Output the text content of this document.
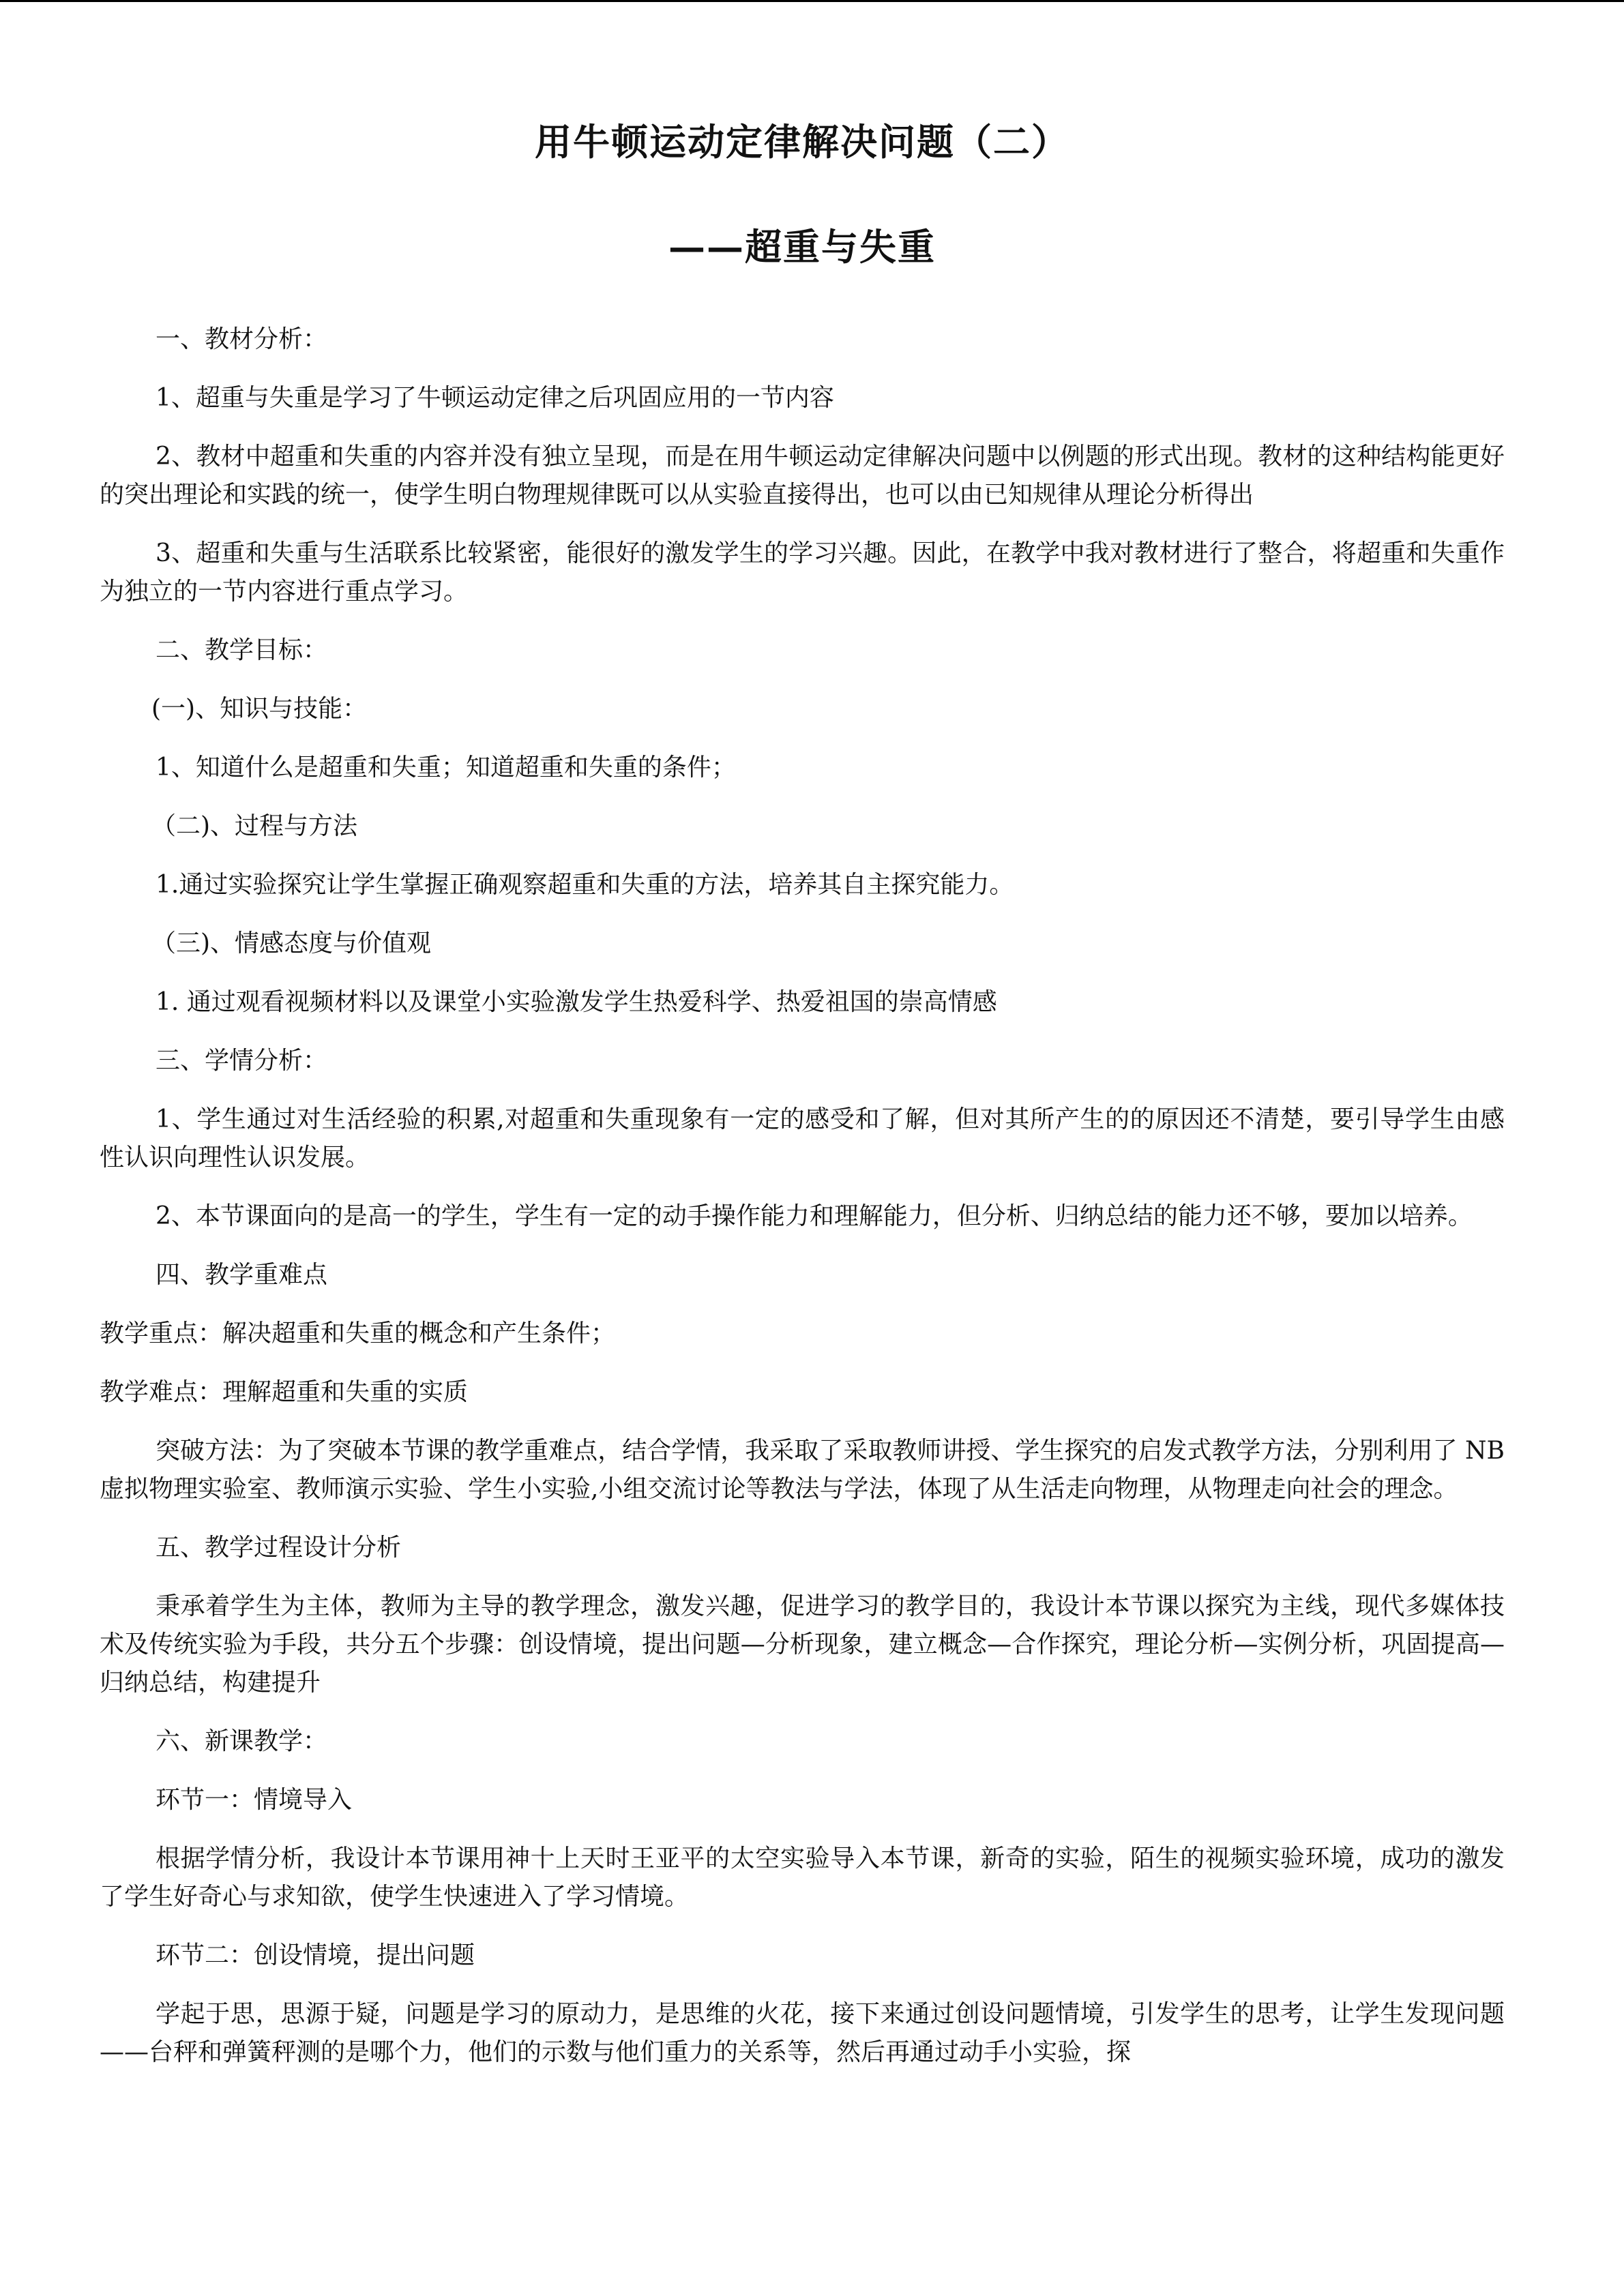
用牛顿运动定律解决问题（二）
——超重与失重

一、教材分析：

1、超重与失重是学习了牛顿运动定律之后巩固应用的一节内容

2、教材中超重和失重的内容并没有独立呈现，而是在用牛顿运动定律解决问题中以例题的形式出现。教材的这种结构能更好的突出理论和实践的统一，使学生明白物理规律既可以从实验直接得出，也可以由已知规律从理论分析得出

3、超重和失重与生活联系比较紧密，能很好的激发学生的学习兴趣。因此，在教学中我对教材进行了整合，将超重和失重作为独立的一节内容进行重点学习。

二、教学目标：

(一)、知识与技能：

1、知道什么是超重和失重；知道超重和失重的条件；

（二)、过程与方法

1.通过实验探究让学生掌握正确观察超重和失重的方法，培养其自主探究能力。

（三)、情感态度与价值观

1. 通过观看视频材料以及课堂小实验激发学生热爱科学、热爱祖国的崇高情感

三、学情分析：

1、学生通过对生活经验的积累,对超重和失重现象有一定的感受和了解，但对其所产生的的原因还不清楚，要引导学生由感性认识向理性认识发展。

2、本节课面向的是高一的学生，学生有一定的动手操作能力和理解能力，但分析、归纳总结的能力还不够，要加以培养。

四、教学重难点

教学重点：解决超重和失重的概念和产生条件；

教学难点：理解超重和失重的实质

突破方法：为了突破本节课的教学重难点，结合学情，我采取了采取教师讲授、学生探究的启发式教学方法，分别利用了 NB 虚拟物理实验室、教师演示实验、学生小实验,小组交流讨论等教法与学法，体现了从生活走向物理，从物理走向社会的理念。

五、教学过程设计分析

秉承着学生为主体，教师为主导的教学理念，激发兴趣，促进学习的教学目的，我设计本节课以探究为主线，现代多媒体技术及传统实验为手段，共分五个步骤：创设情境，提出问题—分析现象，建立概念—合作探究，理论分析—实例分析，巩固提高—归纳总结，构建提升

六、新课教学：

环节一：情境导入

根据学情分析，我设计本节课用神十上天时王亚平的太空实验导入本节课，新奇的实验，陌生的视频实验环境，成功的激发了学生好奇心与求知欲，使学生快速进入了学习情境。

环节二：创设情境，提出问题

学起于思，思源于疑，问题是学习的原动力，是思维的火花，接下来通过创设问题情境，引发学生的思考，让学生发现问题——台秤和弹簧秤测的是哪个力，他们的示数与他们重力的关系等，然后再通过动手小实验，探
